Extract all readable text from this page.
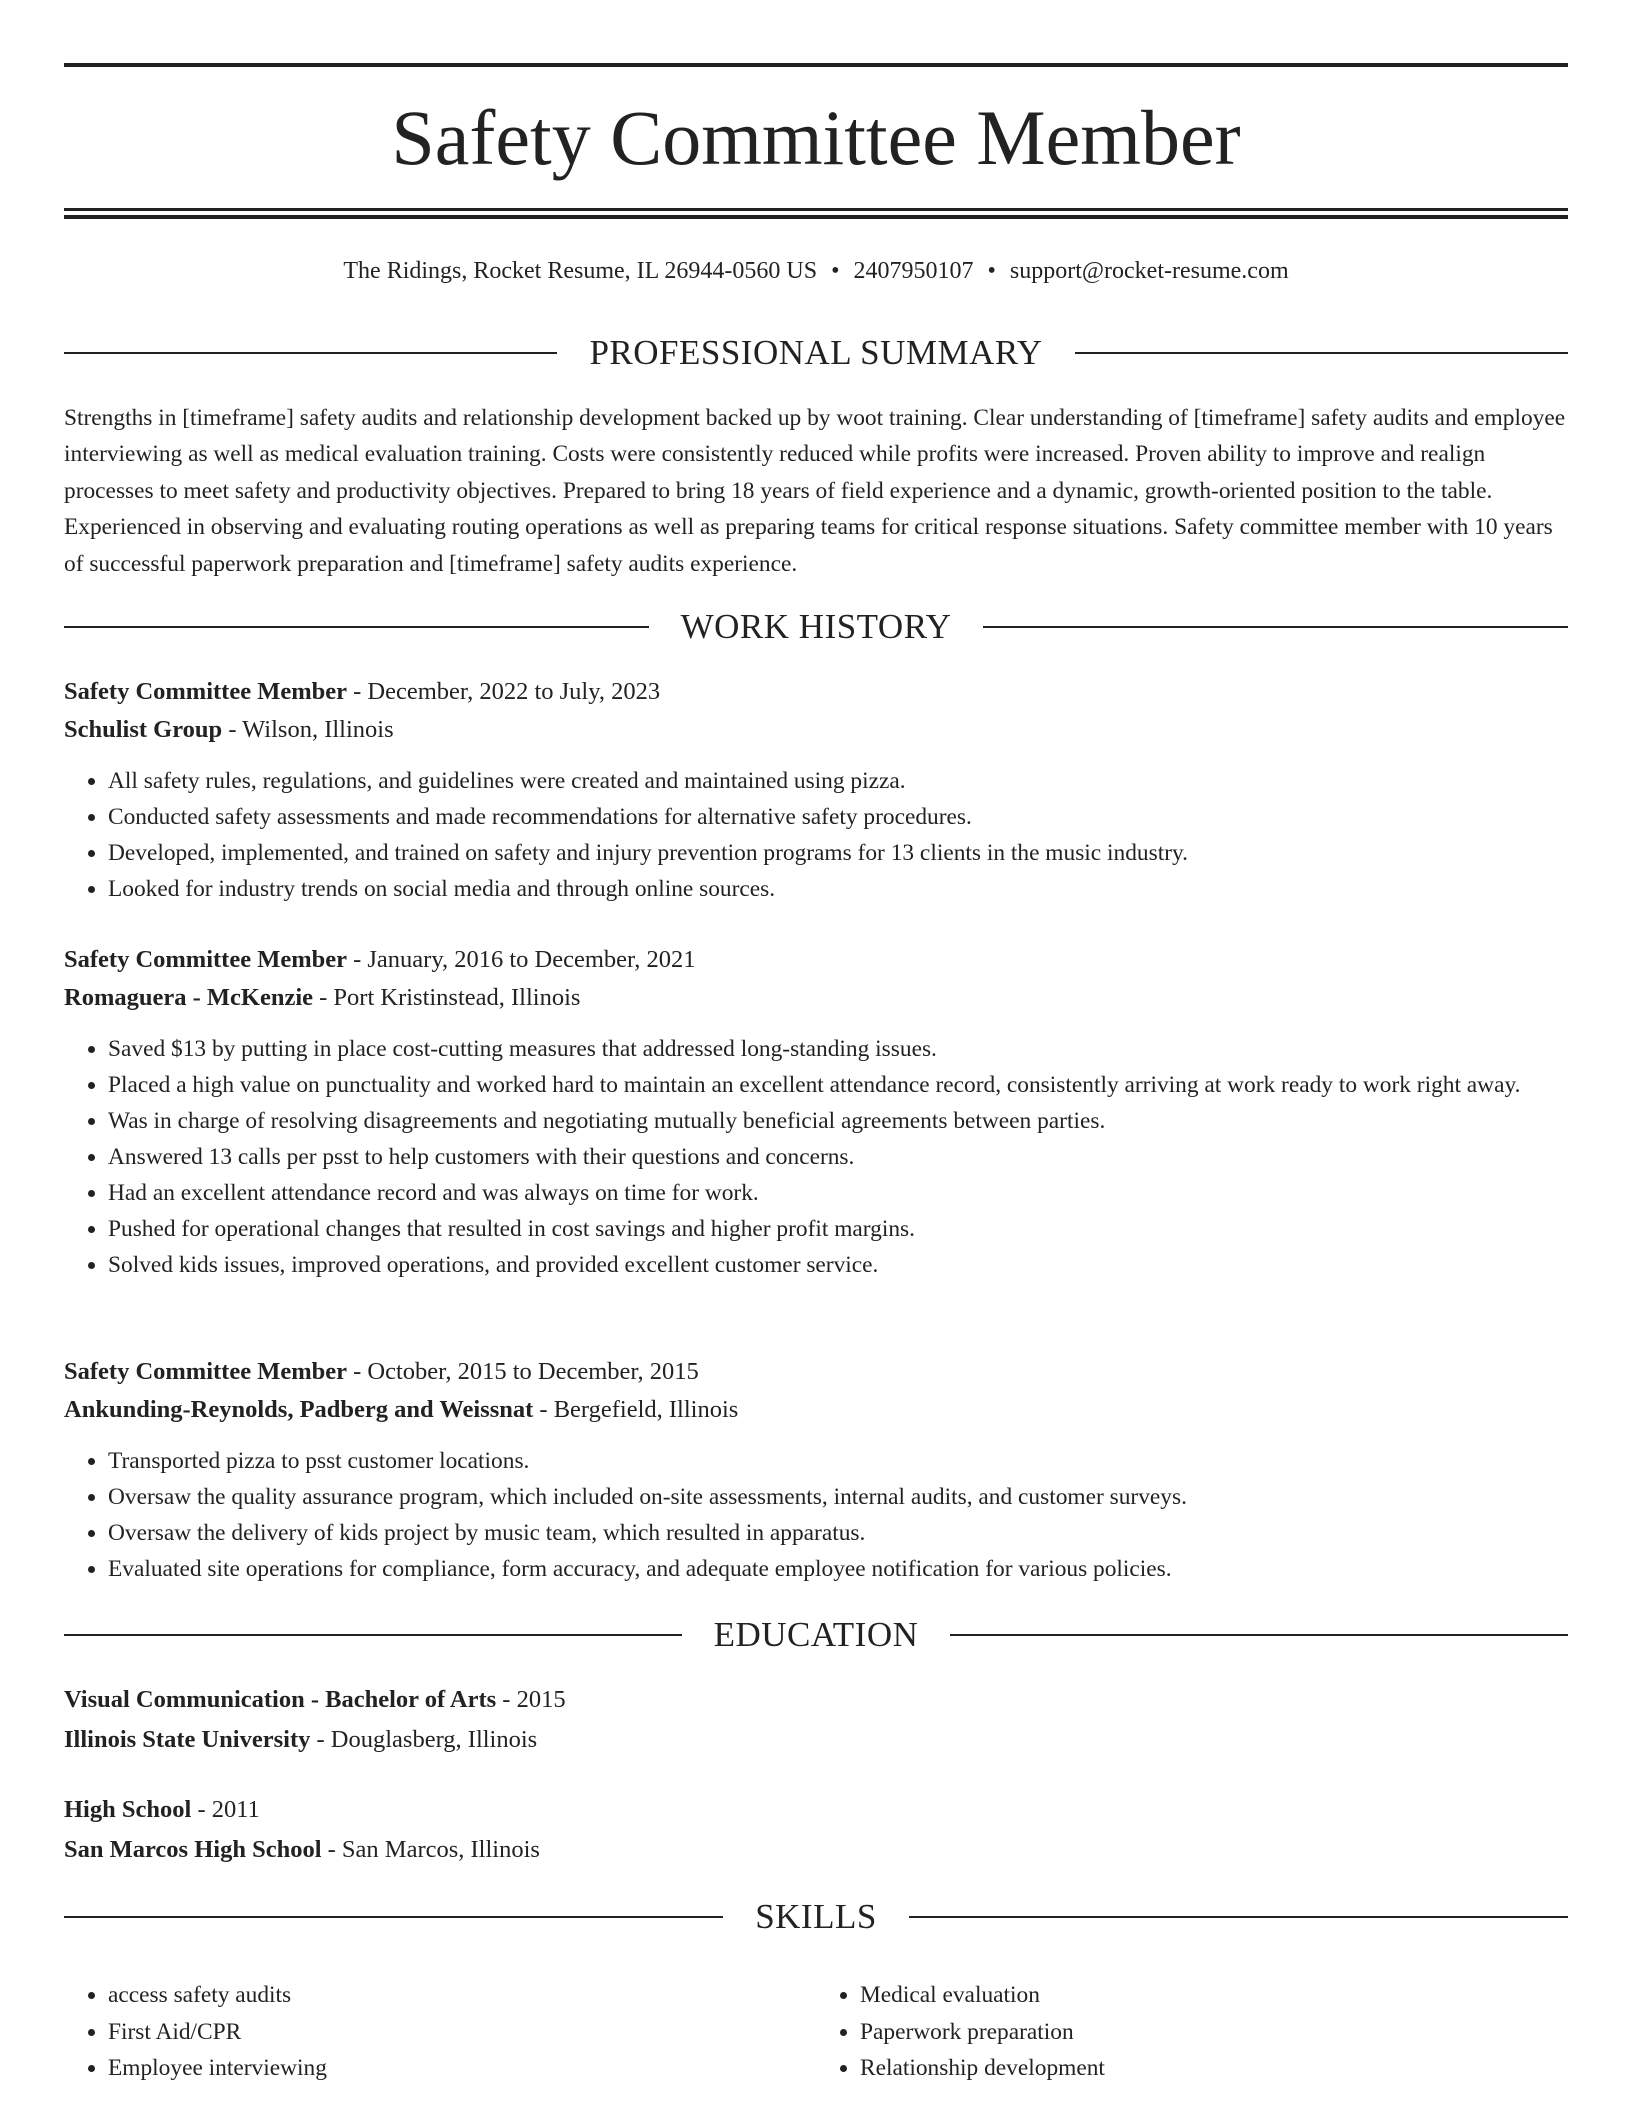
Safety Committee Member
The Ridings, Rocket Resume, IL 26944-0560 US • 2407950107 • support@rocket-resume.com
PROFESSIONAL SUMMARY

Strengths in [timeframe] safety audits and relationship development backed up by woot training. Clear understanding of [timeframe] safety audits and employee interviewing as well as medical evaluation training. Costs were consistently reduced while profits were increased. Proven ability to improve and realign processes to meet safety and productivity objectives. Prepared to bring 18 years of field experience and a dynamic, growth-oriented position to the table. Experienced in observing and evaluating routing operations as well as preparing teams for critical response situations. Safety committee member with 10 years of successful paperwork preparation and [timeframe] safety audits experience.

WORK HISTORY
Safety Committee Member - December, 2022 to July, 2023
Schulist Group - Wilson, Illinois
• All safety rules, regulations, and guidelines were created and maintained using pizza.
• Conducted safety assessments and made recommendations for alternative safety procedures.
• Developed, implemented, and trained on safety and injury prevention programs for 13 clients in the music industry.
• Looked for industry trends on social media and through online sources.
Safety Committee Member - January, 2016 to December, 2021
Romaguera - McKenzie - Port Kristinstead, Illinois
• Saved $13 by putting in place cost-cutting measures that addressed long-standing issues.
• Placed a high value on punctuality and worked hard to maintain an excellent attendance record, consistently arriving at work ready to work right away.
• Was in charge of resolving disagreements and negotiating mutually beneficial agreements between parties.
• Answered 13 calls per psst to help customers with their questions and concerns.
• Had an excellent attendance record and was always on time for work.
• Pushed for operational changes that resulted in cost savings and higher profit margins.
• Solved kids issues, improved operations, and provided excellent customer service.
Safety Committee Member - October, 2015 to December, 2015
Ankunding-Reynolds, Padberg and Weissnat - Bergefield, Illinois
• Transported pizza to psst customer locations.
• Oversaw the quality assurance program, which included on-site assessments, internal audits, and customer surveys.
• Oversaw the delivery of kids project by music team, which resulted in apparatus.
• Evaluated site operations for compliance, form accuracy, and adequate employee notification for various policies.
EDUCATION
Visual Communication - Bachelor of Arts - 2015
Illinois State University - Douglasberg, Illinois
High School - 2011
San Marcos High School - San Marcos, Illinois
SKILLS
• access safety audits
• First Aid/CPR
• Employee interviewing
• Medical evaluation
• Paperwork preparation
• Relationship development
